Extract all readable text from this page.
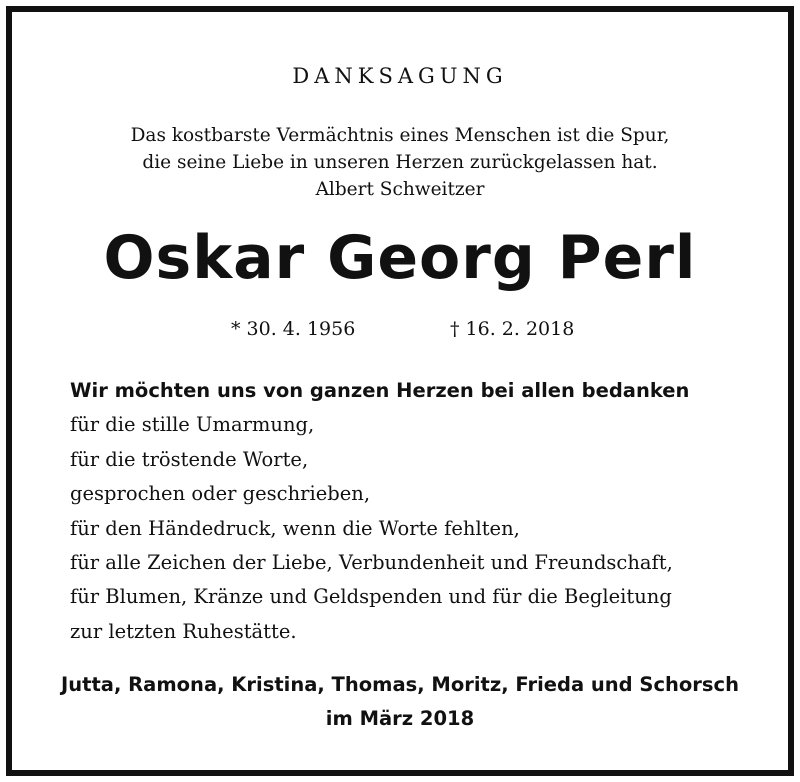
DANKSAGUNG
Das kostbarste Vermächtnis eines Menschen ist die Spur,
die seine Liebe in unseren Herzen zurückgelassen hat.
Albert Schweitzer
Oskar Georg Perl
* 30. 4. 1956	† 16. 2. 2018
Wir möchten uns von ganzen Herzen bei allen bedanken
für die stille Umarmung,
für die tröstende Worte,
gesprochen oder geschrieben,
für den Händedruck, wenn die Worte fehlten,
für alle Zeichen der Liebe, Verbundenheit und Freundschaft,
für Blumen, Kränze und Geldspenden und für die Begleitung
zur letzten Ruhestätte.
Jutta, Ramona, Kristina, Thomas, Moritz, Frieda und Schorsch
im März 2018
